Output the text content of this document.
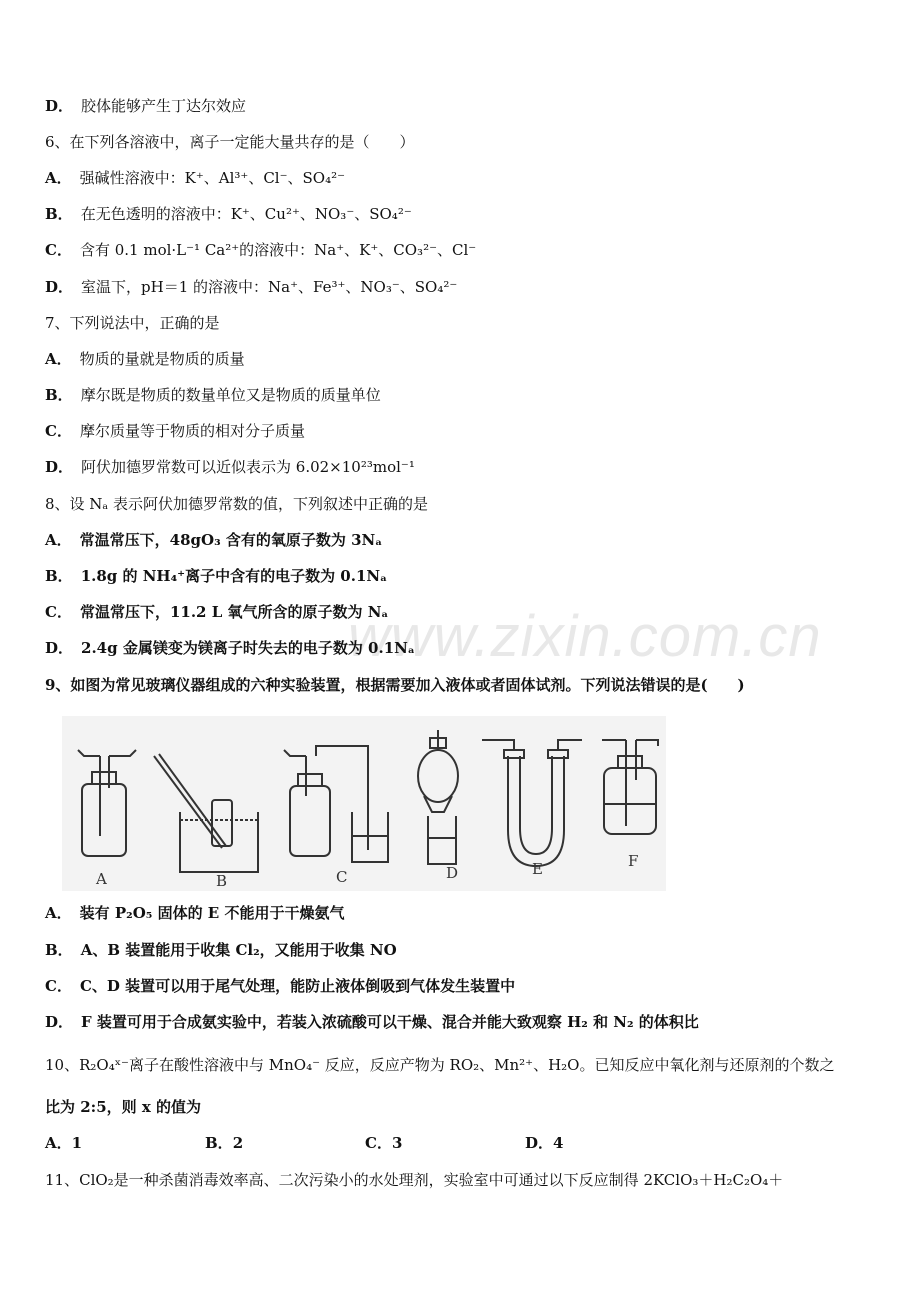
www.zixin.com.cn
D． 胶体能够产生丁达尔效应
6、在下列各溶液中，离子一定能大量共存的是（　　）
A． 强碱性溶液中：K⁺、Al³⁺、Cl⁻、SO₄²⁻
B． 在无色透明的溶液中：K⁺、Cu²⁺、NO₃⁻、SO₄²⁻
C． 含有 0.1 mol·L⁻¹ Ca²⁺的溶液中：Na⁺、K⁺、CO₃²⁻、Cl⁻
D． 室温下，pH＝1 的溶液中：Na⁺、Fe³⁺、NO₃⁻、SO₄²⁻
7、下列说法中，正确的是
A． 物质的量就是物质的质量
B． 摩尔既是物质的数量单位又是物质的质量单位
C． 摩尔质量等于物质的相对分子质量
D． 阿伏加德罗常数可以近似表示为 6.02×10²³mol⁻¹
8、设 Nₐ 表示阿伏加德罗常数的值，下列叙述中正确的是
A． 常温常压下，48gO₃ 含有的氧原子数为 3Nₐ
B． 1.8g 的 NH₄⁺离子中含有的电子数为 0.1Nₐ
C． 常温常压下，11.2 L 氧气所含的原子数为 Nₐ
D． 2.4g 金属镁变为镁离子时失去的电子数为 0.1Nₐ
9、如图为常见玻璃仪器组成的六种实验装置，根据需要加入液体或者固体试剂。下列说法错误的是(　　)
A	B	C	D	E	F
A． 装有 P₂O₅ 固体的 E 不能用于干燥氨气
B． A、B 装置能用于收集 Cl₂，又能用于收集 NO
C． C、D 装置可以用于尾气处理，能防止液体倒吸到气体发生装置中
D． F 装置可用于合成氨实验中，若装入浓硫酸可以干燥、混合并能大致观察 H₂ 和 N₂ 的体积比
10、R₂O₄ˣ⁻离子在酸性溶液中与 MnO₄⁻ 反应，反应产物为 RO₂、Mn²⁺、H₂O。已知反应中氧化剂与还原剂的个数之
比为 2:5，则 x 的值为
A．1	B．2	C．3	D．4
11、ClO₂是一种杀菌消毒效率高、二次污染小的水处理剂，实验室中可通过以下反应制得 2KClO₃＋H₂C₂O₄＋
